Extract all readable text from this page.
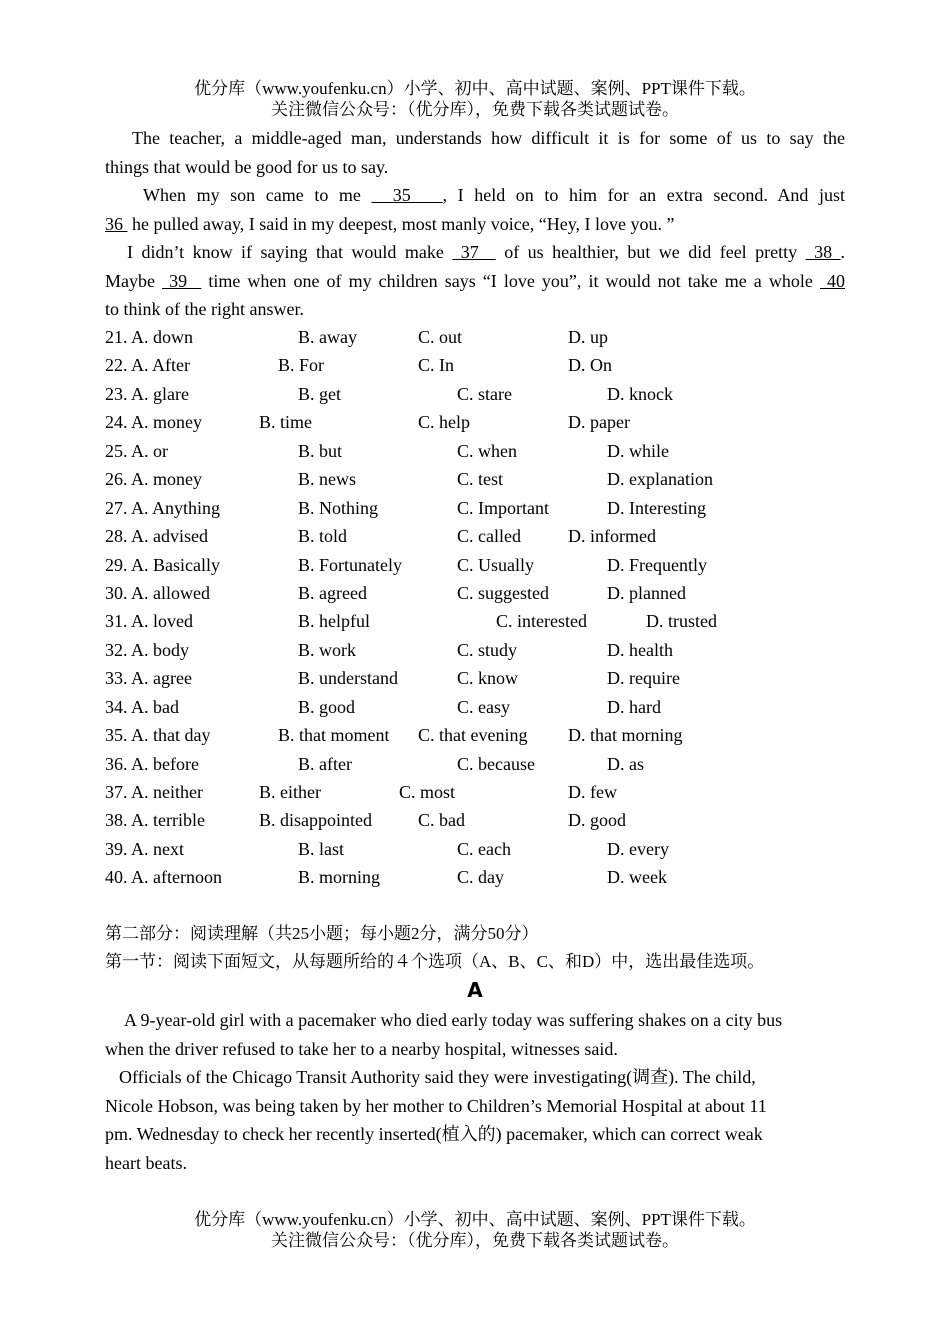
优分库（www.youfenku.cn）小学、初中、高中试题、案例、PPT课件下载。
关注微信公众号：（优分库），免费下载各类试题试卷。
The teacher, a middle-aged man, understands how difficult it is for some of us to say the
things that would be good for us to say.
When my son came to me   35   , I held on to him for an extra second. And just
36  he pulled away, I said in my deepest, most manly voice, “Hey, I love you. ”
I didn’t know if saying that would make  37   of us healthier, but we did feel pretty  38 .
Maybe  39   time when one of my children says “I love you”, it would not take me a whole  40
to think of the right answer.
21. A. down	B. away	C. out	D. up
22. A. After	B. For	C. In	D. On
23. A. glare	B. get	C. stare	D. knock
24. A. money	B. time	C. help	D. paper
25. A. or	B. but	C. when	D. while
26. A. money	B. news	C. test	D. explanation
27. A. Anything	B. Nothing	C. Important	D. Interesting
28. A. advised	B. told	C. called	D. informed
29. A. Basically	B. Fortunately	C. Usually	D. Frequently
30. A. allowed	B. agreed	C. suggested	D. planned
31. A. loved	B. helpful	C. interested	D. trusted
32. A. body	B. work	C. study	D. health
33. A. agree	B. understand	C. know	D. require
34. A. bad	B. good	C. easy	D. hard
35. A. that day	B. that moment C. that evening D. that morning
36. A. before	B. after	C. because	D. as
37. A. neither	B. either	C. most	D. few
38. A. terrible	B. disappointed	C. bad	D. good
39. A. next	B. last	C. each	D. every
40. A. afternoon	B. morning	C. day	D. week
第二部分：阅读理解（共25小题；每小题2分，满分50分）
第一节：阅读下面短文，从每题所给的４个选项（A、B、C、和D）中，选出最佳选项。
A
A 9-year-old girl with a pacemaker who died early today was suffering shakes on a city bus
when the driver refused to take her to a nearby hospital, witnesses said.
Officials of the Chicago Transit Authority said they were investigating(调查). The child,
Nicole Hobson, was being taken by her mother to Children’s Memorial Hospital at about 11
pm. Wednesday to check her recently inserted(植入的) pacemaker, which can correct weak
heart beats.
优分库（www.youfenku.cn）小学、初中、高中试题、案例、PPT课件下载。
关注微信公众号：（优分库），免费下载各类试题试卷。
